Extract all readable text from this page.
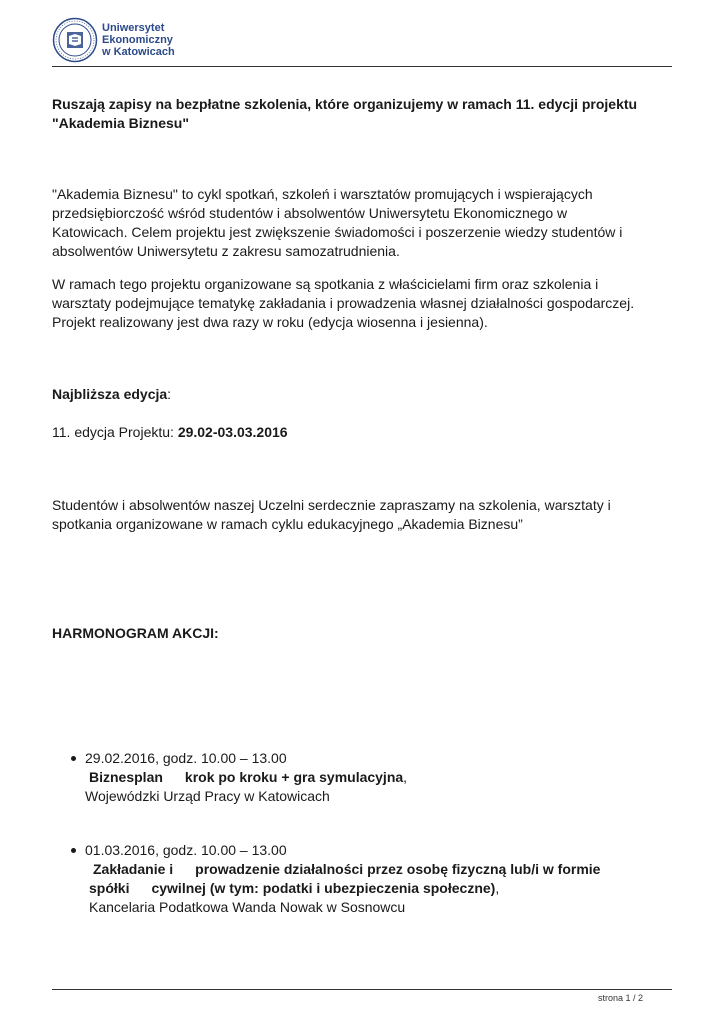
Uniwersytet
Ekonomiczny
w Katowicach
Ruszają zapisy na bezpłatne szkolenia, które organizujemy w ramach 11. edycji projektu
"Akademia Biznesu"
"Akademia Biznesu" to cykl spotkań, szkoleń i warsztatów promujących i wspierających
przedsiębiorczość wśród studentów i absolwentów Uniwersytetu Ekonomicznego w
Katowicach. Celem projektu jest zwiększenie świadomości i poszerzenie wiedzy studentów i
absolwentów Uniwersytetu z zakresu samozatrudnienia.
W ramach tego projektu organizowane są spotkania z właścicielami firm oraz szkolenia i
warsztaty podejmujące tematykę zakładania i prowadzenia własnej działalności gospodarczej.
Projekt realizowany jest dwa razy w roku (edycja wiosenna i jesienna).
Najbliższa edycja:
11. edycja Projektu: 29.02-03.03.2016
Studentów i absolwentów naszej Uczelni serdecznie zapraszamy na szkolenia, warsztaty i
spotkania organizowane w ramach cyklu edukacyjnego „Akademia Biznesu”
HARMONOGRAM AKCJI:
29.02.2016, godz. 10.00 – 13.00
Biznesplan krok po kroku + gra symulacyjna,
Wojewódzki Urząd Pracy w Katowicach
01.03.2016, godz. 10.00 – 13.00
Zakładanie i prowadzenie działalności przez osobę fizyczną lub/i w formie
spółki cywilnej (w tym: podatki i ubezpieczenia społeczne),
Kancelaria Podatkowa Wanda Nowak w Sosnowcu
strona 1 / 2
